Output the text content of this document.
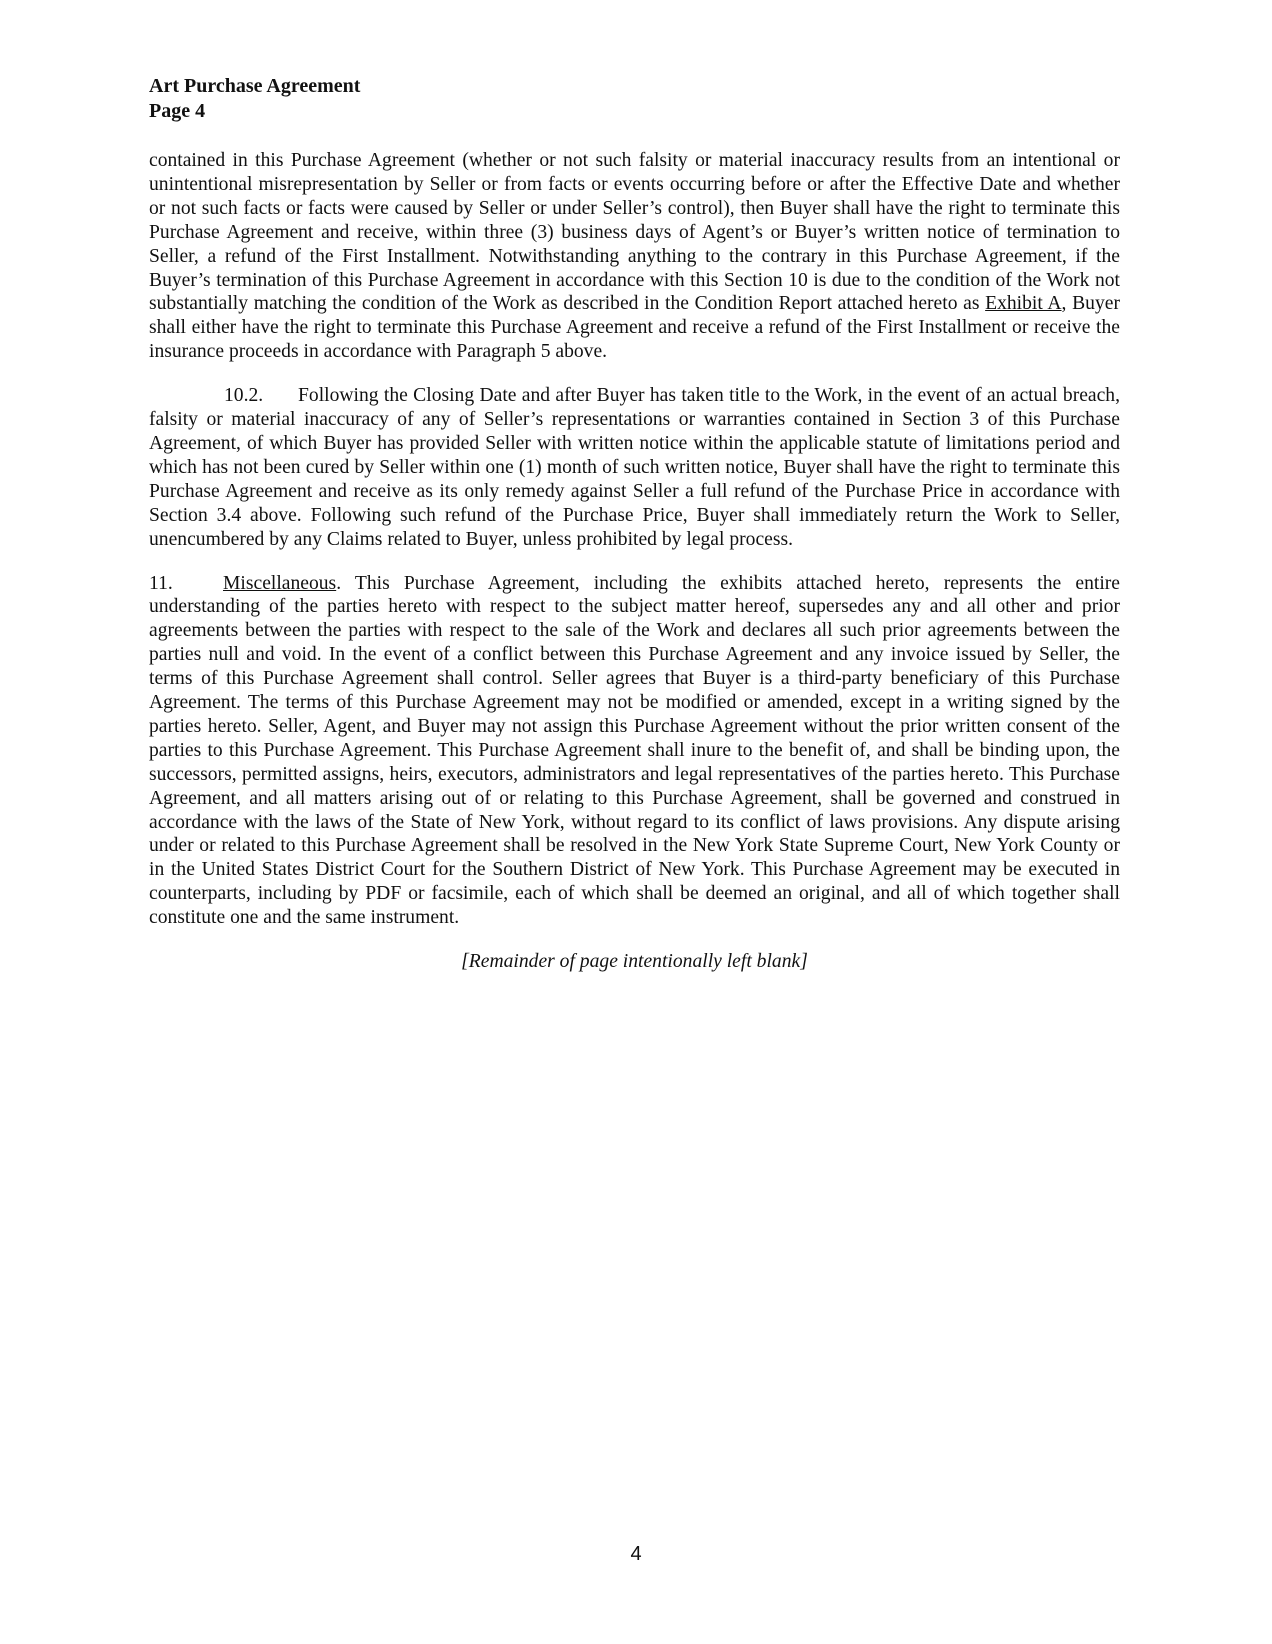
Art Purchase Agreement
Page 4

contained in this Purchase Agreement (whether or not such falsity or material inaccuracy results from an intentional or unintentional misrepresentation by Seller or from facts or events occurring before or after the Effective Date and whether or not such facts or facts were caused by Seller or under Seller’s control), then Buyer shall have the right to terminate this Purchase Agreement and receive, within three (3) business days of Agent’s or Buyer’s written notice of termination to Seller, a refund of the First Installment. Notwithstanding anything to the contrary in this Purchase Agreement, if the Buyer’s termination of this Purchase Agreement in accordance with this Section 10 is due to the condition of the Work not substantially matching the condition of the Work as described in the Condition Report attached hereto as Exhibit A, Buyer shall either have the right to terminate this Purchase Agreement and receive a refund of the First Installment or receive the insurance proceeds in accordance with Paragraph 5 above.

10.2. Following the Closing Date and after Buyer has taken title to the Work, in the event of an actual breach, falsity or material inaccuracy of any of Seller’s representations or warranties contained in Section 3 of this Purchase Agreement, of which Buyer has provided Seller with written notice within the applicable statute of limitations period and which has not been cured by Seller within one (1) month of such written notice, Buyer shall have the right to terminate this Purchase Agreement and receive as its only remedy against Seller a full refund of the Purchase Price in accordance with Section 3.4 above. Following such refund of the Purchase Price, Buyer shall immediately return the Work to Seller, unencumbered by any Claims related to Buyer, unless prohibited by legal process.

11.	Miscellaneous. This Purchase Agreement, including the exhibits attached hereto, represents the entire understanding of the parties hereto with respect to the subject matter hereof, supersedes any and all other and prior agreements between the parties with respect to the sale of the Work and declares all such prior agreements between the parties null and void. In the event of a conflict between this Purchase Agreement and any invoice issued by Seller, the terms of this Purchase Agreement shall control. Seller agrees that Buyer is a third-party beneficiary of this Purchase Agreement. The terms of this Purchase Agreement may not be modified or amended, except in a writing signed by the parties hereto. Seller, Agent, and Buyer may not assign this Purchase Agreement without the prior written consent of the parties to this Purchase Agreement. This Purchase Agreement shall inure to the benefit of, and shall be binding upon, the successors, permitted assigns, heirs, executors, administrators and legal representatives of the parties hereto. This Purchase Agreement, and all matters arising out of or relating to this Purchase Agreement, shall be governed and construed in accordance with the laws of the State of New York, without regard to its conflict of laws provisions. Any dispute arising under or related to this Purchase Agreement shall be resolved in the New York State Supreme Court, New York County or in the United States District Court for the Southern District of New York. This Purchase Agreement may be executed in counterparts, including by PDF or facsimile, each of which shall be deemed an original, and all of which together shall constitute one and the same instrument.

[Remainder of page intentionally left blank]
4
